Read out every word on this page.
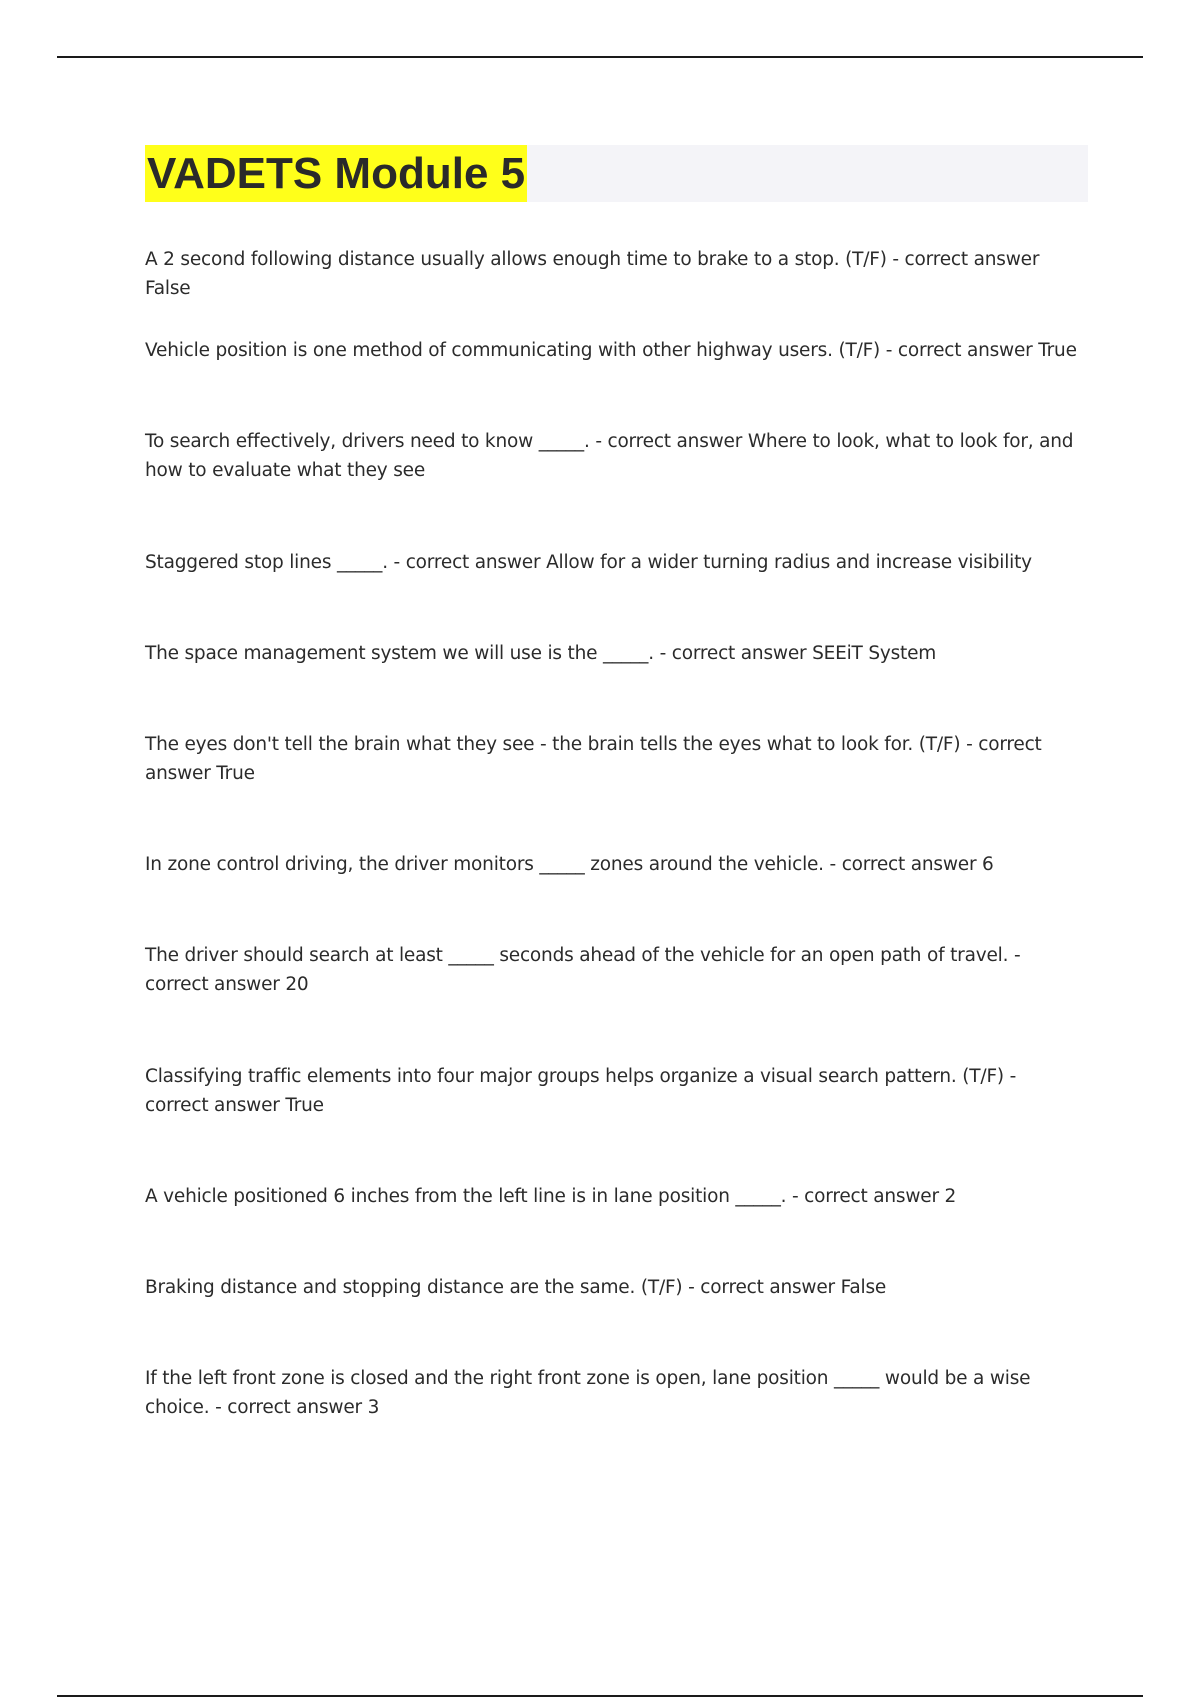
VADETS Module 5
A 2 second following distance usually allows enough time to brake to a stop. (T/F) - correct answer False
Vehicle position is one method of communicating with other highway users. (T/F) - correct answer True
To search effectively, drivers need to know _____. - correct answer Where to look, what to look for, and how to evaluate what they see
Staggered stop lines _____. - correct answer Allow for a wider turning radius and increase visibility
The space management system we will use is the _____. - correct answer SEEiT System
The eyes don't tell the brain what they see - the brain tells the eyes what to look for. (T/F) - correct answer True
In zone control driving, the driver monitors _____ zones around the vehicle. - correct answer 6
The driver should search at least _____ seconds ahead of the vehicle for an open path of travel. - correct answer 20
Classifying traffic elements into four major groups helps organize a visual search pattern. (T/F) - correct answer True
A vehicle positioned 6 inches from the left line is in lane position _____. - correct answer 2
Braking distance and stopping distance are the same. (T/F) - correct answer False
If the left front zone is closed and the right front zone is open, lane position _____ would be a wise choice. - correct answer 3
